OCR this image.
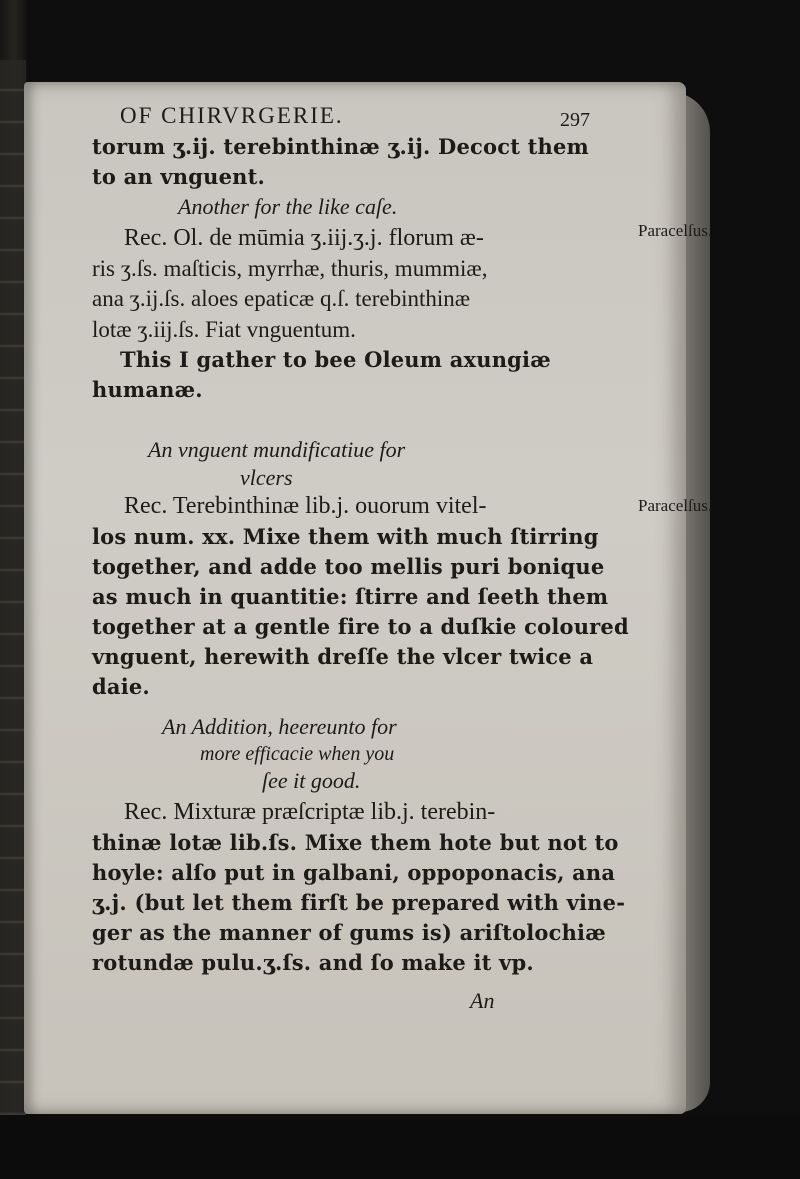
OF CHIRVRGERIE.	297
torum ʒ.ij. terebinthinæ ʒ.ij. Decoct them
to an vnguent.
Another for the like caſe.
Rec. Ol. de mūmia ʒ.iij.ʒ.j. florum æ-
ris ʒ.ſs. maſticis, myrrhæ, thuris, mummiæ,
ana ʒ.ij.ſs. aloes epaticæ q.ſ. terebinthinæ
lotæ ʒ.iij.ſs. Fiat vnguentum.
This I gather to bee Oleum axungiæ
humanæ.
An vnguent mundificatiue for
vlcers
Rec. Terebinthinæ lib.j. ouorum vitel-
los num. xx. Mixe them with much ſtirring
together, and adde too mellis puri bonique
as much in quantitie: ſtirre and ſeeth them
together at a gentle fire to a duſkie coloured
vnguent, herewith dreſſe the vlcer twice a
daie.
An Addition, heereunto for
more efficacie when you
ſee it good.
Rec. Mixturæ præſcriptæ lib.j. terebin-
thinæ lotæ lib.ſs. Mixe them hote but not to
hoyle: alſo put in galbani, oppoponacis, ana
ʒ.j. (but let them firſt be prepared with vine-
ger as the manner of gums is) ariſtolochiæ
rotundæ pulu.ʒ.ſs. and ſo make it vp.
An
Paracelſus.
Paracelſus.
